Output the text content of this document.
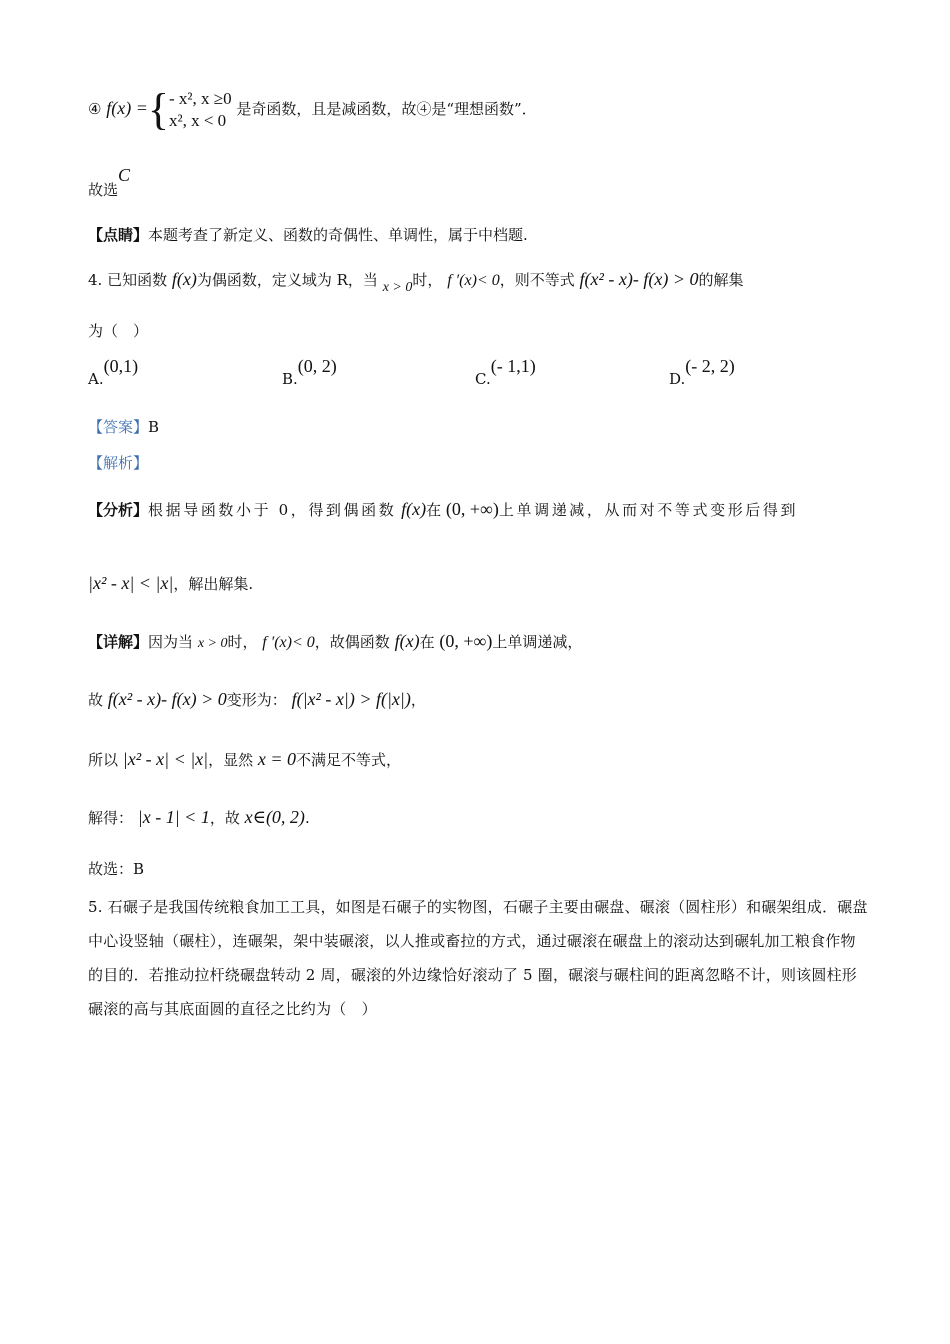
④ f(x) ={ - x², x ≥0
x², x < 0
是奇函数，且是减函数，故④是“理想函数”．
故选C
【点睛】本题考查了新定义、函数的奇偶性、单调性，属于中档题.
4. 已知函数 f(x)为偶函数，定义域为 R，当 x > 0时， f ′(x)< 0，则不等式 f(x² - x)- f(x) > 0的解集
为（　）
A.(0,1)
B.(0, 2)
C.(- 1,1)
D.(- 2, 2)
【答案】B
【解析】
【分析】根据导函数小于 0，得到偶函数 f(x)在 (0, +∞)上单调递减，从而对不等式变形后得到
|x² - x| < |x|，解出解集.
【详解】因为当 x > 0时， f ′(x)< 0，故偶函数 f(x)在 (0, +∞)上单调递减，
故 f(x² - x)- f(x) > 0变形为： f(|x² - x|) > f(|x|)，
所以 |x² - x| < |x|，显然 x = 0不满足不等式，
解得： |x - 1| < 1，故 x∈(0, 2).
故选：B
5. 石碾子是我国传统粮食加工工具，如图是石碾子的实物图，石碾子主要由碾盘、碾滚（圆柱形）和碾架组成．碾盘中心设竖轴（碾柱），连碾架，架中装碾滚，以人推或畜拉的方式，通过碾滚在碾盘上的滚动达到碾轧加工粮食作物的目的．若推动拉杆绕碾盘转动 2 周，碾滚的外边缘恰好滚动了 5 圈，碾滚与碾柱间的距离忽略不计，则该圆柱形碾滚的高与其底面圆的直径之比约为（　）
